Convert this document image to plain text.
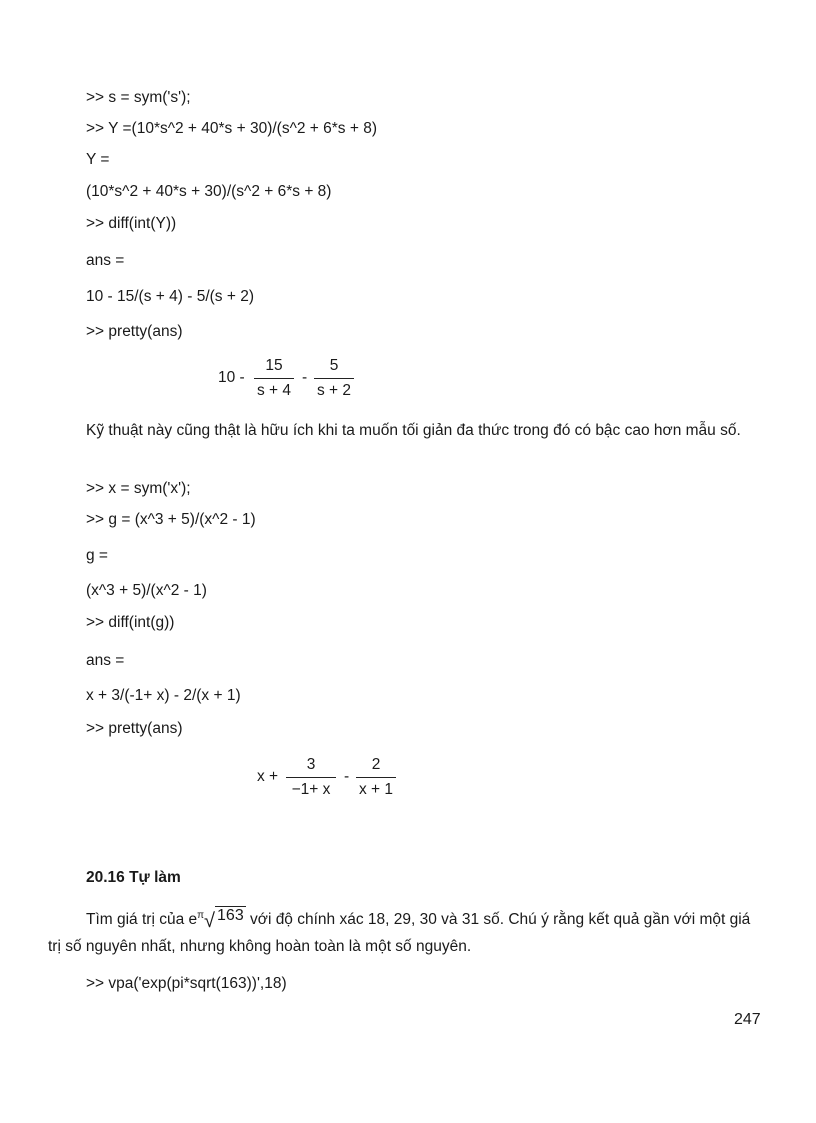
>> s = sym('s');
>> Y =(10*s^2 + 40*s + 30)/(s^2 + 6*s + 8)
Y =
(10*s^2 + 40*s + 30)/(s^2 + 6*s + 8)
>> diff(int(Y))
ans =
10 - 15/(s + 4) - 5/(s + 2)
>> pretty(ans)
$10 - \frac{15}{s + 4} - \frac{5}{s + 2}$
Kỹ thuật này cũng thật là hữu ích khi ta muốn tối giản đa thức trong đó có bậc cao hơn mẫu số.
>> x = sym('x');
>> g = (x^3 + 5)/(x^2 - 1)
g =
(x^3 + 5)/(x^2 - 1)
>> diff(int(g))
ans =
x + 3/(-1+ x) - 2/(x + 1)
>> pretty(ans)
$x + \frac{3}{-1+ x} - \frac{2}{x + 1}$
20.16 Tự làm
Tìm giá trị của $e^\pi√$ 163 với độ chính xác 18, 29, 30 và 31 số. Chú ý rằng kết quả gần với một giá trị số nguyên nhất, nhưng không hoàn toàn là một số nguyên.
>> vpa('exp(pi*sqrt(163))',18)
247
